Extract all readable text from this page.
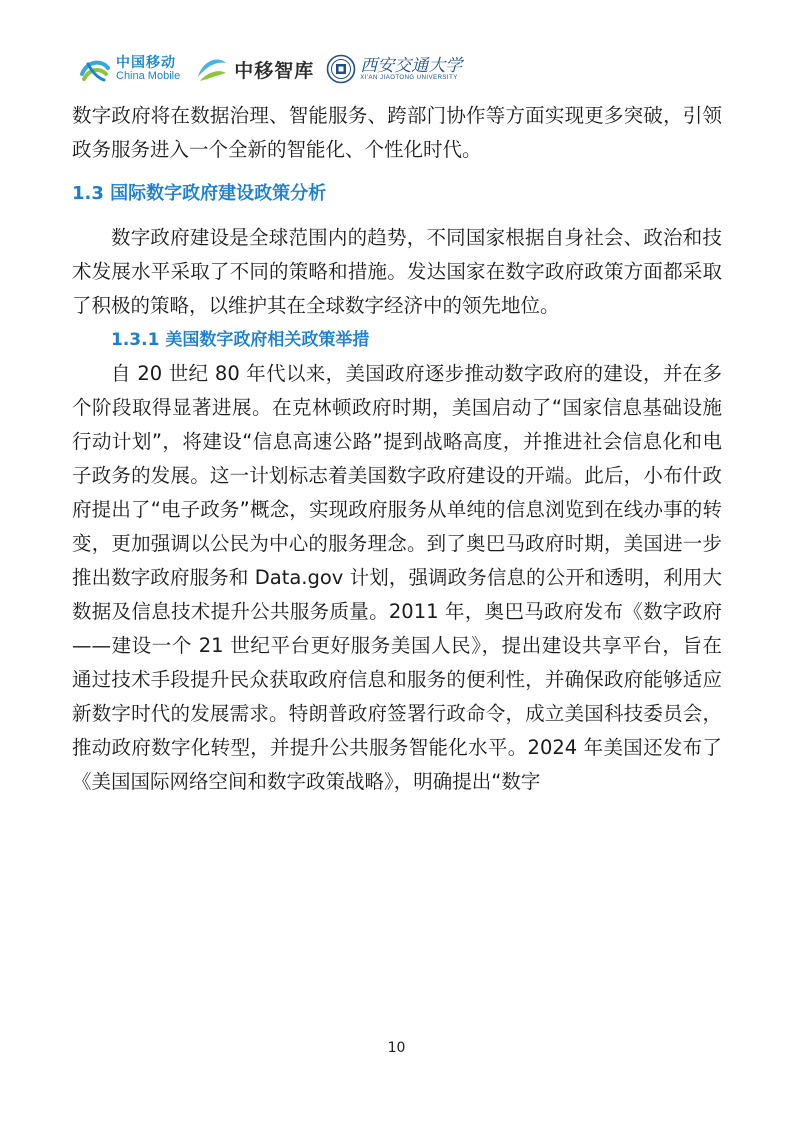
中国移动
China Mobile	中移智库	西安交通大学
XI'AN JIAOTONG UNIVERSITY

数字政府将在数据治理、智能服务、跨部门协作等方面实现更多突破，引领政务服务进入一个全新的智能化、个性化时代。

1.3 国际数字政府建设政策分析

数字政府建设是全球范围内的趋势，不同国家根据自身社会、政治和技术发展水平采取了不同的策略和措施。发达国家在数字政府政策方面都采取了积极的策略，以维护其在全球数字经济中的领先地位。

1.3.1 美国数字政府相关政策举措

自 20 世纪 80 年代以来，美国政府逐步推动数字政府的建设，并在多个阶段取得显著进展。在克林顿政府时期，美国启动了“国家信息基础设施行动计划”，将建设“信息高速公路”提到战略高度，并推进社会信息化和电子政务的发展。这一计划标志着美国数字政府建设的开端。此后，小布什政府提出了“电子政务”概念，实现政府服务从单纯的信息浏览到在线办事的转变，更加强调以公民为中心的服务理念。到了奥巴马政府时期，美国进一步推出数字政府服务和 Data.gov 计划，强调政务信息的公开和透明，利用大数据及信息技术提升公共服务质量。2011 年，奥巴马政府发布《数字政府——建设一个 21 世纪平台更好服务美国人民》，提出建设共享平台，旨在通过技术手段提升民众获取政府信息和服务的便利性，并确保政府能够适应新数字时代的发展需求。特朗普政府签署行政命令，成立美国科技委员会，推动政府数字化转型，并提升公共服务智能化水平。2024 年美国还发布了《美国国际网络空间和数字政策战略》，明确提出“数字

10
